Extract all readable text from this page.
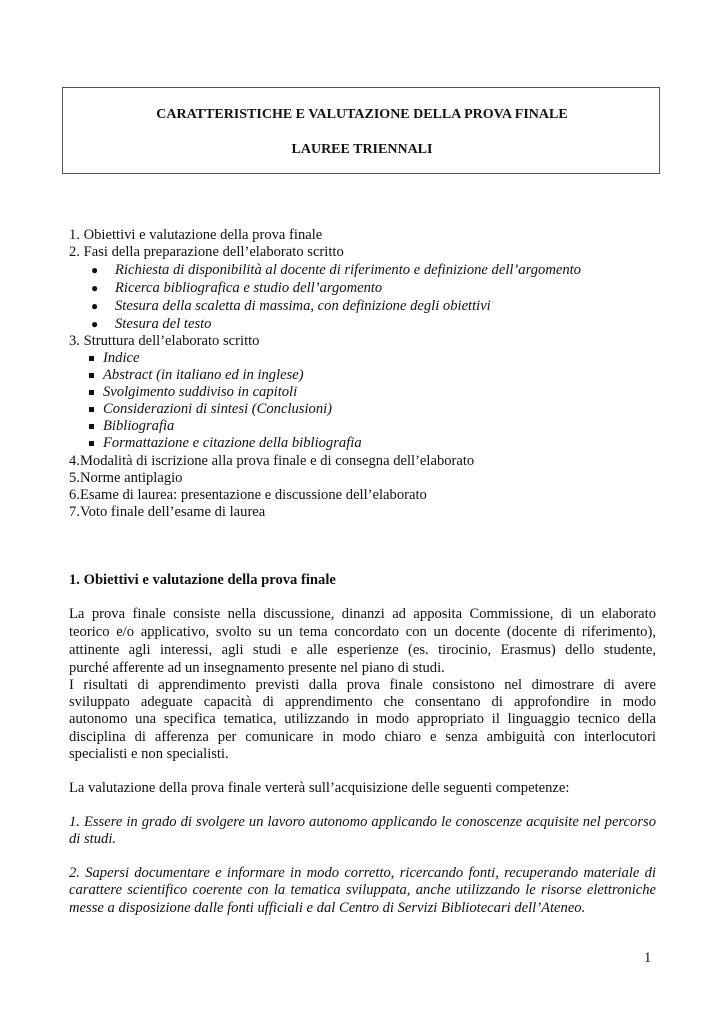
CARATTERISTICHE E VALUTAZIONE DELLA PROVA FINALE
LAUREE TRIENNALI
1. Obiettivi e valutazione della prova finale
2. Fasi della preparazione dell’elaborato scritto
● Richiesta di disponibilità al docente di riferimento e definizione dell’argomento
● Ricerca bibliografica e studio dell’argomento
● Stesura della scaletta di massima, con definizione degli obiettivi
● Stesura del testo
3. Struttura dell’elaborato scritto
Indice
Abstract (in italiano ed in inglese)
Svolgimento suddiviso in capitoli
Considerazioni di sintesi (Conclusioni)
Bibliografia
Formattazione e citazione della bibliografia
4.Modalità di iscrizione alla prova finale e di consegna dell’elaborato
5.Norme antiplagio
6.Esame di laurea: presentazione e discussione dell’elaborato
7.Voto finale dell’esame di laurea
1. Obiettivi e valutazione della prova finale
La prova finale consiste nella discussione, dinanzi ad apposita Commissione, di un elaborato
teorico e/o applicativo, svolto su un tema concordato con un docente (docente di riferimento),
attinente agli interessi, agli studi e alle esperienze (es. tirocinio, Erasmus) dello studente,
purché afferente ad un insegnamento presente nel piano di studi.
I risultati di apprendimento previsti dalla prova finale consistono nel dimostrare di avere
sviluppato adeguate capacità di apprendimento che consentano di approfondire in modo
autonomo una specifica tematica, utilizzando in modo appropriato il linguaggio tecnico della
disciplina di afferenza per comunicare in modo chiaro e senza ambiguità con interlocutori
specialisti e non specialisti.
La valutazione della prova finale verterà sull’acquisizione delle seguenti competenze:
1. Essere in grado di svolgere un lavoro autonomo applicando le conoscenze acquisite nel percorso
di studi.
2. Sapersi documentare e informare in modo corretto, ricercando fonti, recuperando materiale di
carattere scientifico coerente con la tematica sviluppata, anche utilizzando le risorse elettroniche
messe a disposizione dalle fonti ufficiali e dal Centro di Servizi Bibliotecari dell’Ateneo.
1
